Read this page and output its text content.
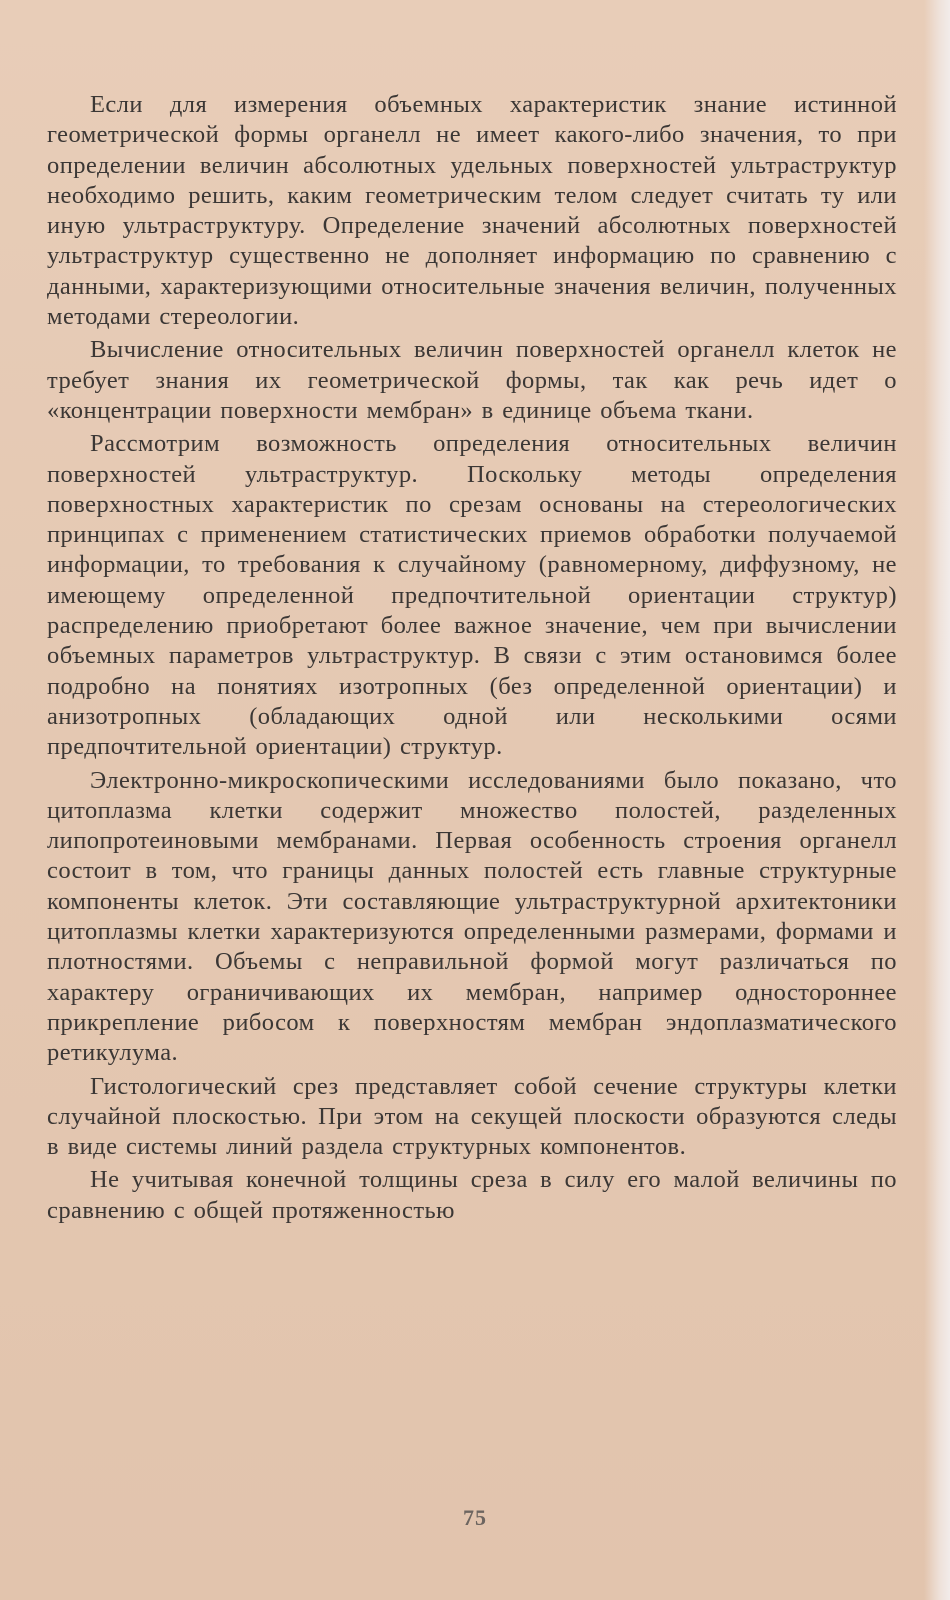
Если для измерения объемных характеристик знание истинной геометрической формы органелл не имеет какого-либо значения, то при определении величин абсолютных удельных поверхностей ультраструктур необходимо решить, каким геометрическим телом следует считать ту или иную ультраструктуру. Определение значений абсолютных поверхностей ультраструктур существенно не дополняет информацию по сравнению с данными, характеризующими относительные значения величин, полученных методами стереологии.

Вычисление относительных величин поверхностей органелл клеток не требует знания их геометрической формы, так как речь идет о «концентрации поверхности мембран» в единице объема ткани.

Рассмотрим возможность определения относительных величин поверхностей ультраструктур. Поскольку методы определения поверхностных характеристик по срезам основаны на стереологических принципах с применением статистических приемов обработки получаемой информации, то требования к случайному (равномерному, диффузному, не имеющему определенной предпочтительной ориентации структур) распределению приобретают более важное значение, чем при вычислении объемных параметров ультраструктур. В связи с этим остановимся более подробно на понятиях изотропных (без определенной ориентации) и анизотропных (обладающих одной или несколькими осями предпочтительной ориентации) структур.

Электронно-микроскопическими исследованиями было показано, что цитоплазма клетки содержит множество полостей, разделенных липопротеиновыми мембранами. Первая особенность строения органелл состоит в том, что границы данных полостей есть главные структурные компоненты клеток. Эти составляющие ультраструктурной архитектоники цитоплазмы клетки характеризуются определенными размерами, формами и плотностями. Объемы с неправильной формой могут различаться по характеру ограничивающих их мембран, например одностороннее прикрепление рибосом к поверхностям мембран эндоплазматического ретикулума.

Гистологический срез представляет собой сечение структуры клетки случайной плоскостью. При этом на секущей плоскости образуются следы в виде системы линий раздела структурных компонентов.

Не учитывая конечной толщины среза в силу его малой величины по сравнению с общей протяженностью

75
